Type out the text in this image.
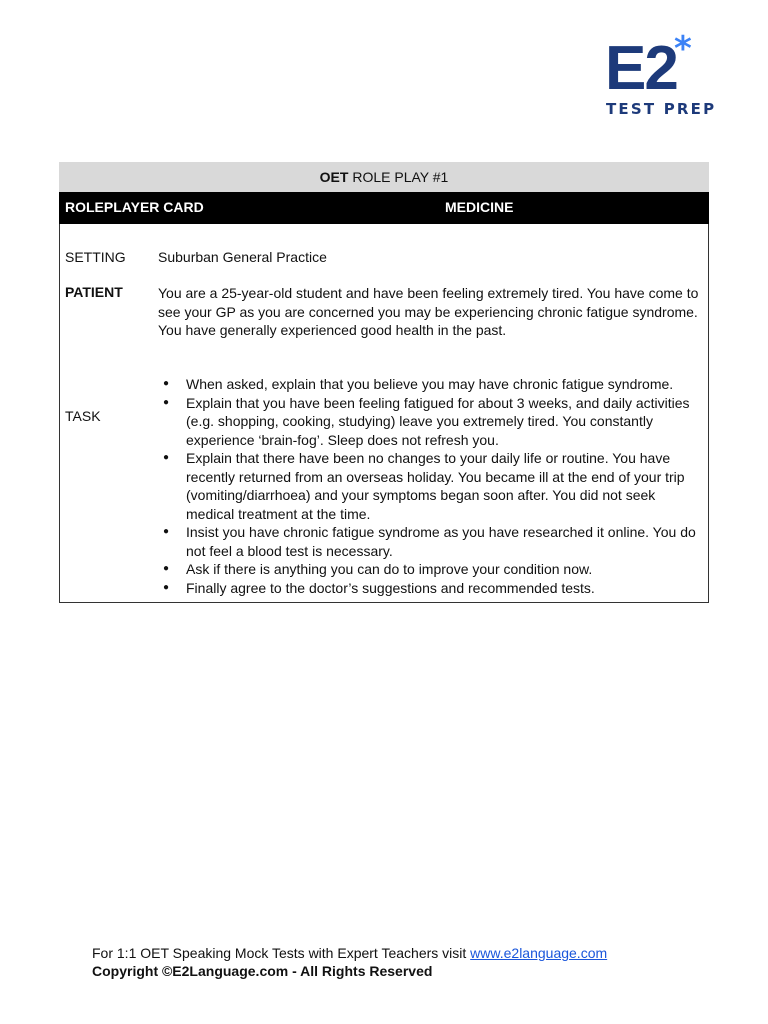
E2
*
TEST PREP
OET ROLE PLAY #1
ROLEPLAYER CARD	MEDICINE
SETTING Suburban General Practice
PATIENT	You are a 25-year-old student and have been feeling extremely tired. You have come to see your GP as you are concerned you may be experiencing chronic fatigue syndrome. You have generally experienced good health in the past.
TASK
● When asked, explain that you believe you may have chronic fatigue syndrome.
● Explain that you have been feeling fatigued for about 3 weeks, and daily activities (e.g. shopping, cooking, studying) leave you extremely tired. You constantly experience ‘brain-fog’. Sleep does not refresh you.
● Explain that there have been no changes to your daily life or routine. You have recently returned from an overseas holiday. You became ill at the end of your trip (vomiting/diarrhoea) and your symptoms began soon after. You did not seek medical treatment at the time.
● Insist you have chronic fatigue syndrome as you have researched it online. You do not feel a blood test is necessary.
● Ask if there is anything you can do to improve your condition now.
● Finally agree to the doctor’s suggestions and recommended tests.
For 1:1 OET Speaking Mock Tests with Expert Teachers visit www.e2language.com
Copyright ©E2Language.com - All Rights Reserved
